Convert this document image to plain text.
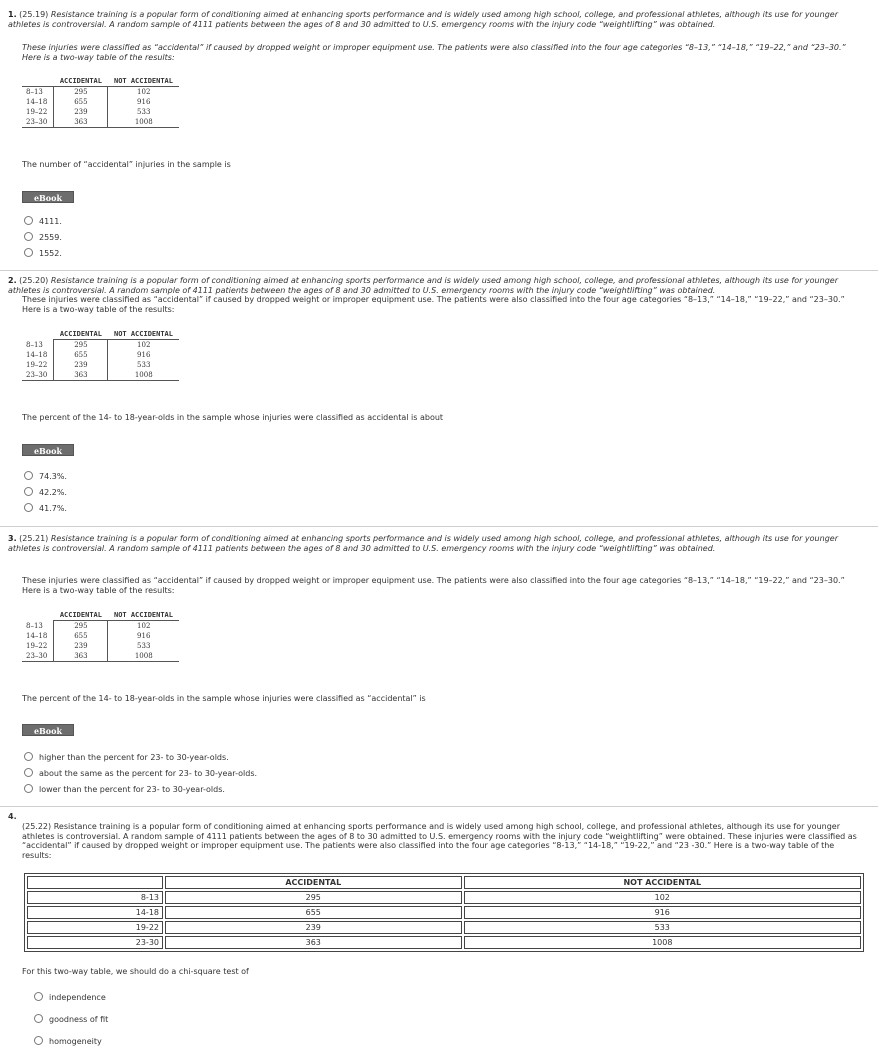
1. (25.19) Resistance training is a popular form of conditioning aimed at enhancing sports performance and is widely used among high school, college, and professional athletes, although its use for younger athletes is controversial. A random sample of 4111 patients between the ages of 8 and 30 admitted to U.S. emergency rooms with the injury code “weightlifting” was obtained.
These injuries were classified as “accidental” if caused by dropped weight or improper equipment use. The patients were also classified into the four age categories “8–13,” “14–18,” “19–22,” and “23–30.” Here is a two-way table of the results:
	ACCIDENTAL	NOT ACCIDENTAL
8–13	295	102
14–18	655	916
19–22	239	533
23–30	363	1008
The number of “accidental” injuries in the sample is
eBook
4111.
2559.
1552.
2. (25.20) Resistance training is a popular form of conditioning aimed at enhancing sports performance and is widely used among high school, college, and professional athletes, although its use for younger athletes is controversial. A random sample of 4111 patients between the ages of 8 and 30 admitted to U.S. emergency rooms with the injury code “weightlifting” was obtained.
These injuries were classified as “accidental” if caused by dropped weight or improper equipment use. The patients were also classified into the four age categories “8–13,” “14–18,” “19–22,” and “23–30.” Here is a two-way table of the results:
	ACCIDENTAL	NOT ACCIDENTAL
8–13	295	102
14–18	655	916
19–22	239	533
23–30	363	1008
The percent of the 14- to 18-year-olds in the sample whose injuries were classified as accidental is about
eBook
74.3%.
42.2%.
41.7%.
3. (25.21) Resistance training is a popular form of conditioning aimed at enhancing sports performance and is widely used among high school, college, and professional athletes, although its use for younger athletes is controversial. A random sample of 4111 patients between the ages of 8 and 30 admitted to U.S. emergency rooms with the injury code “weightlifting” was obtained.
These injuries were classified as “accidental” if caused by dropped weight or improper equipment use. The patients were also classified into the four age categories “8–13,” “14–18,” “19–22,” and “23–30.” Here is a two-way table of the results:
	ACCIDENTAL	NOT ACCIDENTAL
8–13	295	102
14–18	655	916
19–22	239	533
23–30	363	1008
The percent of the 14- to 18-year-olds in the sample whose injuries were classified as “accidental” is
eBook
higher than the percent for 23- to 30-year-olds.
about the same as the percent for 23- to 30-year-olds.
lower than the percent for 23- to 30-year-olds.
4.
(25.22) Resistance training is a popular form of conditioning aimed at enhancing sports performance and is widely used among high school, college, and professional athletes, although its use for younger athletes is controversial. A random sample of 4111 patients between the ages of 8 to 30 admitted to U.S. emergency rooms with the injury code “weightlifting” were obtained. These injuries were classified as “accidental” if caused by dropped weight or improper equipment use. The patients were also classified into the four age categories “8-13,” “14-18,” “19-22,” and “23 -30.” Here is a two-way table of the results:
	ACCIDENTAL	NOT ACCIDENTAL
8-13	295	102
14-18	655	916
19-22	239	533
23-30	363	1008
For this two-way table, we should do a chi-square test of
independence
goodness of fit
homogeneity
